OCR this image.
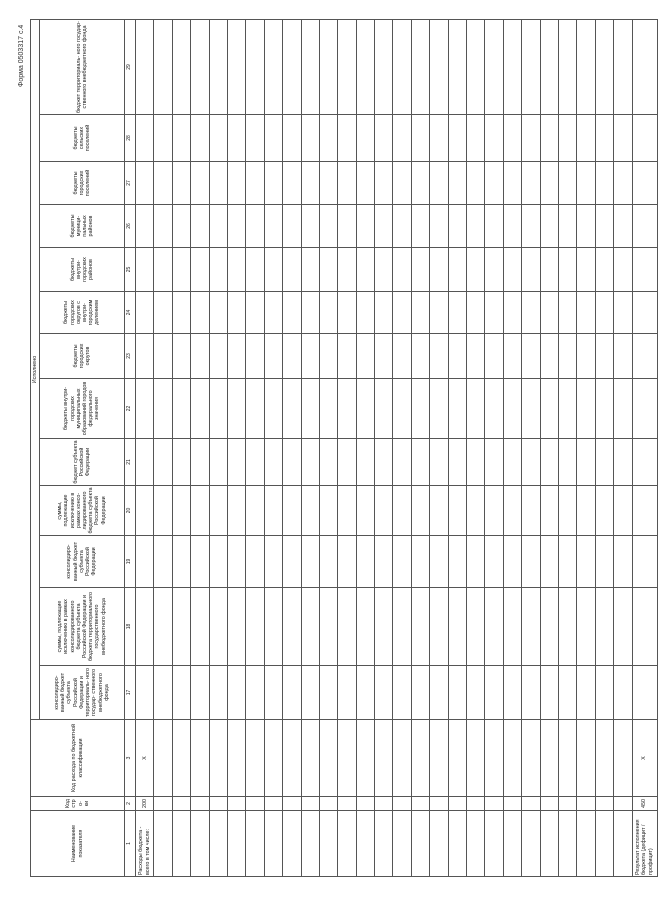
Форма 0503317 с.4
Наименование показателя	Код стро- ки	Код расхода по бюджетной классификации	Исполнено												
			консолидиро- ванный бюджет субъекта Российской Федерации и территориаль- ного государ- ственного внебюджетного фонда	суммы, подлежащие исключению в рамках консолидированного бюджета субъекта Российской Федерации и бюджета территориального государственного внебюджетного фонда	консолидиро- ванный бюджет субъекта Российской Федерации	суммы, подлежащие исключению в рамках консо- лидированного бюджета субъекта Российской Федерации	бюджет субъекта Российской Федерации	бюджеты внутри- городских муниципальных образований городов федерального значения	бюджеты городских округов	бюджеты городских округов с внутри- городским делением	бюджеты внутри- городских районов	бюджеты муници- пальных районов	бюджеты городских поселений	бюджеты сельских поселений	бюджет территориаль- ного государ- ственного внебюджетного фонда
1	2	3	17	18	19	20	21	22	23	24	25	26	27	28	29
Расходы бюджета - всего в том числе:	200	X													

Результат исполнения бюджета (дефицит / профицит)	450	X													
